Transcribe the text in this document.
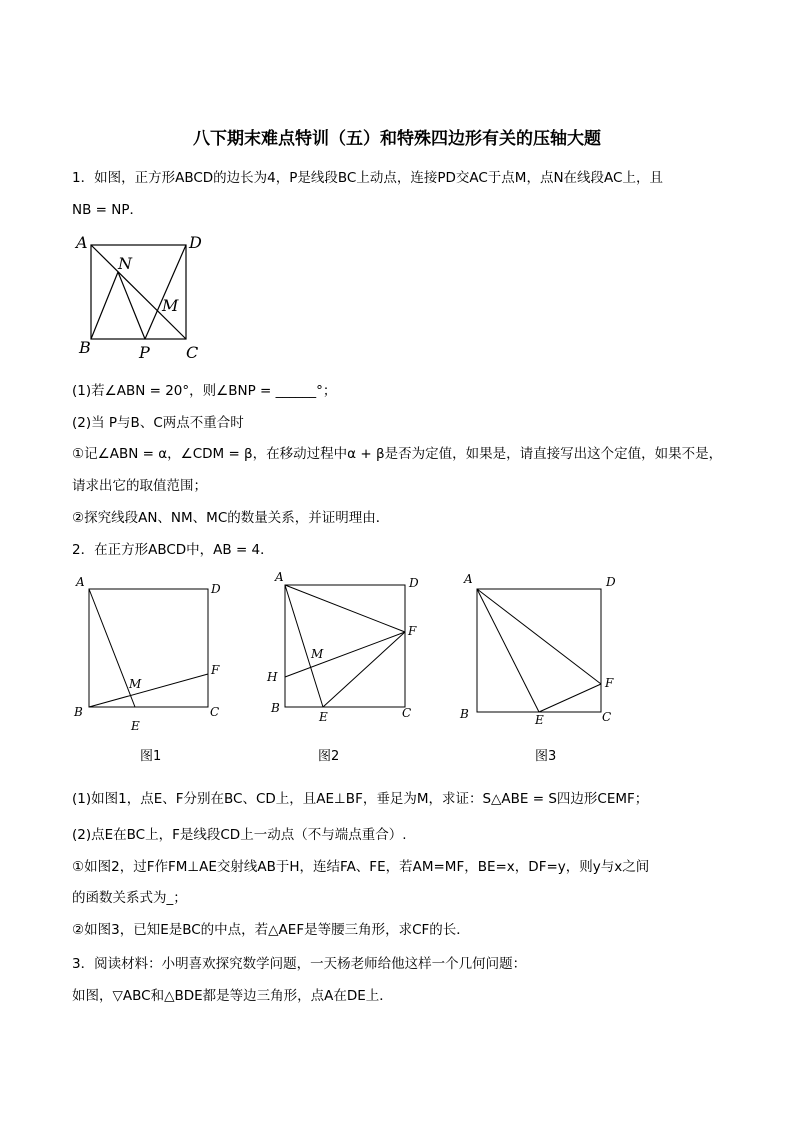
八下期末难点特训（五）和特殊四边形有关的压轴大题
1．如图，正方形ABCD的边长为4，P是线段BC上动点，连接PD交AC于点M，点N在线段AC上，且
NB = NP．
A	D
N
M
B	P C
A	D
F
M
B
E
C
A	D
F
M
H
B
E	C
A	D
F
B	E	C
(1)若∠ABN = 20°，则∠BNP = ______°；
(2)当 P与B、C两点不重合时
①记∠ABN = α，∠CDM = β，在移动过程中α + β是否为定值，如果是，请直接写出这个定值，如果不是，
请求出它的取值范围；
②探究线段AN、NM、MC的数量关系，并证明理由．
2．在正方形ABCD中，AB = 4．
图1	图2	图3
(1)如图1，点E、F分别在BC、CD上，且AE⊥BF，垂足为M，求证：S△ABE = S四边形CEMF；
(2)点E在BC上，F是线段CD上一动点（不与端点重合）.
①如图2，过F作FM⊥AE交射线AB于H，连结FA、FE，若AM=MF，BE=x，DF=y，则y与x之间
的函数关系式为_；
②如图3，已知E是BC的中点，若△AEF是等腰三角形，求CF的长．
3．阅读材料：小明喜欢探究数学问题，一天杨老师给他这样一个几何问题：
如图，▽ABC和△BDE都是等边三角形，点A在DE上．
